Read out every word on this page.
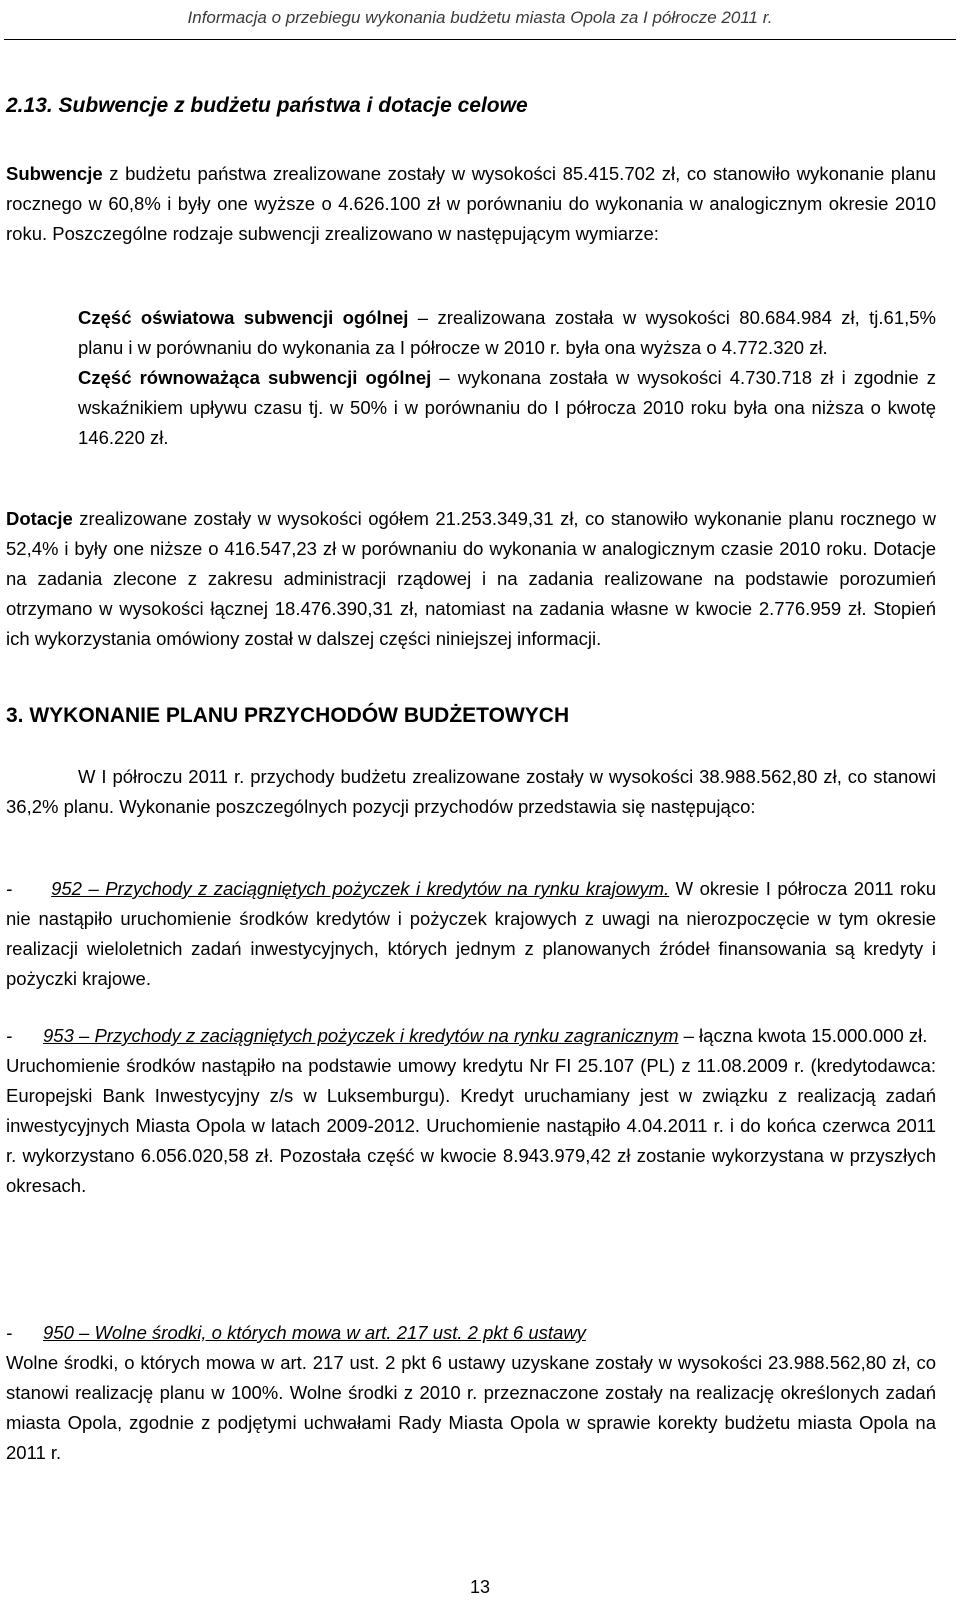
Informacja o przebiegu wykonania budżetu miasta Opola za I półrocze 2011 r.
2.13. Subwencje z budżetu państwa i dotacje celowe

Subwencje z budżetu państwa zrealizowane zostały w wysokości 85.415.702 zł, co stanowiło wykonanie planu rocznego w 60,8% i były one wyższe o 4.626.100 zł w porównaniu do wykonania w analogicznym okresie 2010 roku. Poszczególne rodzaje subwencji zrealizowano w następującym wymiarze:

Część oświatowa subwencji ogólnej – zrealizowana została w wysokości 80.684.984 zł, tj.61,5% planu i w porównaniu do wykonania za I półrocze w 2010 r. była ona wyższa o 4.772.320 zł.

Część równoważąca subwencji ogólnej – wykonana została w wysokości 4.730.718 zł i zgodnie z wskaźnikiem upływu czasu tj. w 50% i w porównaniu do I półrocza 2010 roku była ona niższa o kwotę 146.220 zł.

Dotacje zrealizowane zostały w wysokości ogółem 21.253.349,31 zł, co stanowiło wykonanie planu rocznego w 52,4% i były one niższe o 416.547,23 zł w porównaniu do wykonania w analogicznym czasie 2010 roku. Dotacje na zadania zlecone z zakresu administracji rządowej i na zadania realizowane na podstawie porozumień otrzymano w wysokości łącznej 18.476.390,31 zł, natomiast na zadania własne w kwocie 2.776.959 zł. Stopień ich wykorzystania omówiony został w dalszej części niniejszej informacji.

3. WYKONANIE PLANU PRZYCHODÓW BUDŻETOWYCH

W I półroczu 2011 r. przychody budżetu zrealizowane zostały w wysokości 38.988.562,80 zł, co stanowi 36,2% planu. Wykonanie poszczególnych pozycji przychodów przedstawia się następująco:

- 952 – Przychody z zaciągniętych pożyczek i kredytów na rynku krajowym. W okresie I półrocza 2011 roku nie nastąpiło uruchomienie środków kredytów i pożyczek krajowych z uwagi na nierozpoczęcie w tym okresie realizacji wieloletnich zadań inwestycyjnych, których jednym z planowanych źródeł finansowania są kredyty i pożyczki krajowe.

- 953 – Przychody z zaciągniętych pożyczek i kredytów na rynku zagranicznym – łączna kwota 15.000.000 zł.

Uruchomienie środków nastąpiło na podstawie umowy kredytu Nr FI 25.107 (PL) z 11.08.2009 r. (kredytodawca: Europejski Bank Inwestycyjny z/s w Luksemburgu). Kredyt uruchamiany jest w związku z realizacją zadań inwestycyjnych Miasta Opola w latach 2009-2012. Uruchomienie nastąpiło 4.04.2011 r. i do końca czerwca 2011 r. wykorzystano 6.056.020,58 zł. Pozostała część w kwocie 8.943.979,42 zł zostanie wykorzystana w przyszłych okresach.

- 950 – Wolne środki, o których mowa w art. 217 ust. 2 pkt 6 ustawy

Wolne środki, o których mowa w art. 217 ust. 2 pkt 6 ustawy uzyskane zostały w wysokości 23.988.562,80 zł, co stanowi realizację planu w 100%. Wolne środki z 2010 r. przeznaczone zostały na realizację określonych zadań miasta Opola, zgodnie z podjętymi uchwałami Rady Miasta Opola w sprawie korekty budżetu miasta Opola na 2011 r.

13
